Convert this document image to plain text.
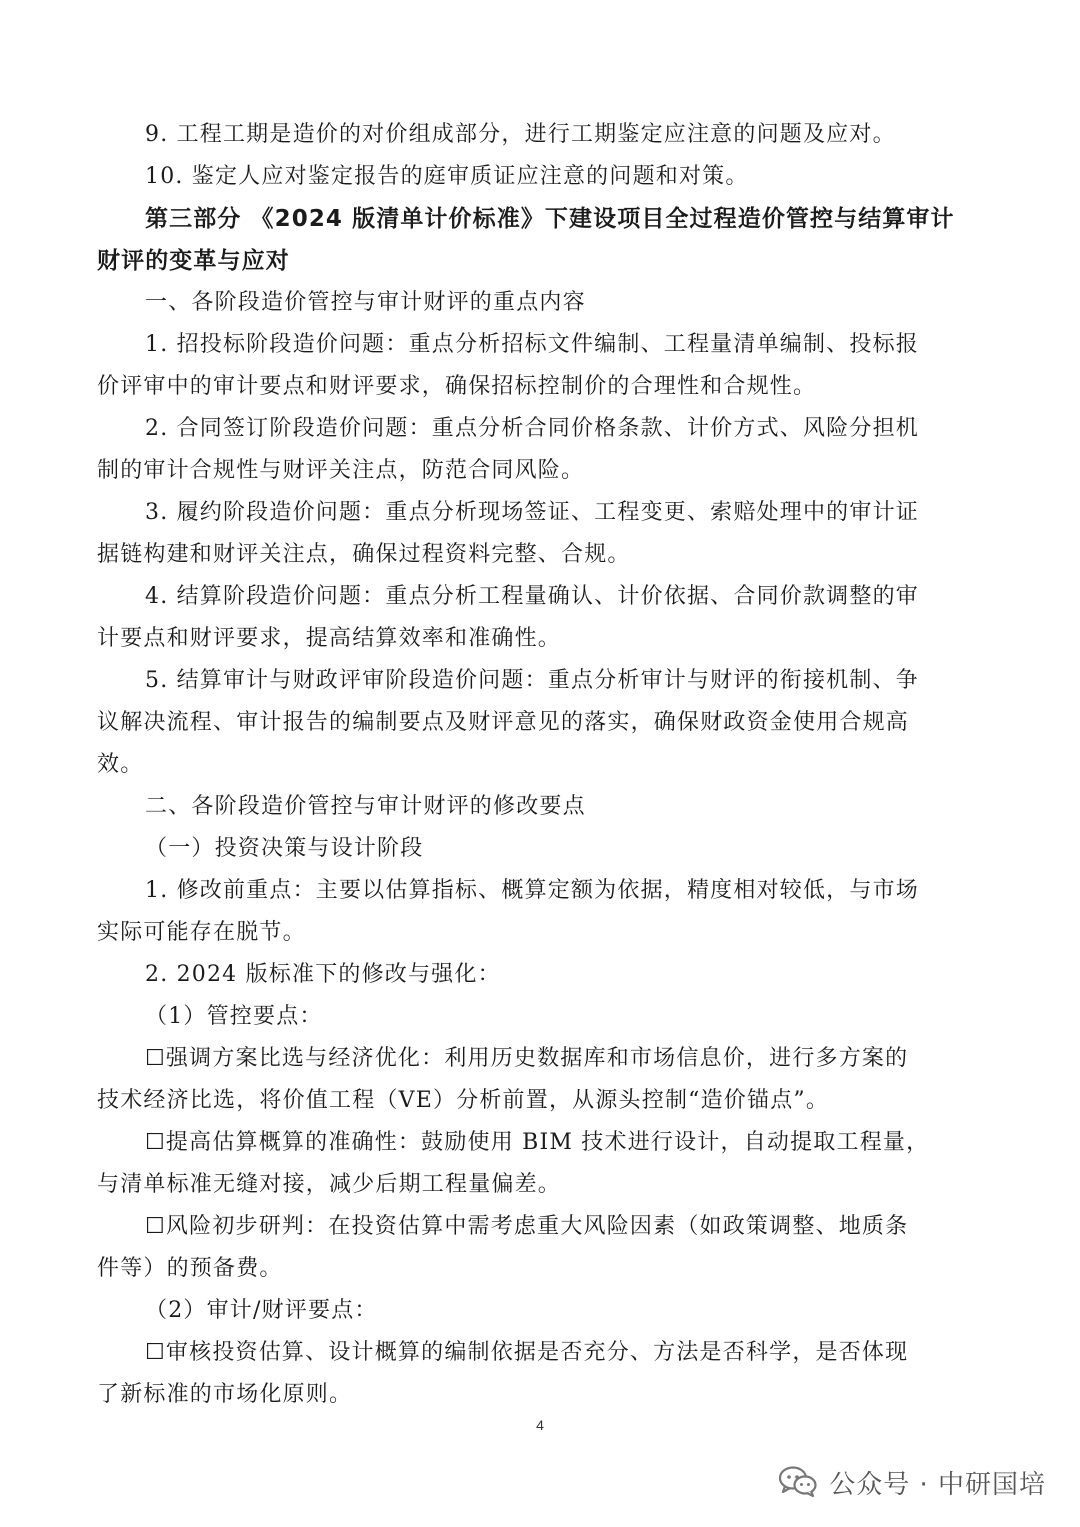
9. 工程工期是造价的对价组成部分，进行工期鉴定应注意的问题及应对。
10. 鉴定人应对鉴定报告的庭审质证应注意的问题和对策。
第三部分 《2024 版清单计价标准》下建设项目全过程造价管控与结算审计
财评的变革与应对
一、各阶段造价管控与审计财评的重点内容
1. 招投标阶段造价问题：重点分析招标文件编制、工程量清单编制、投标报
价评审中的审计要点和财评要求，确保招标控制价的合理性和合规性。
2. 合同签订阶段造价问题：重点分析合同价格条款、计价方式、风险分担机
制的审计合规性与财评关注点，防范合同风险。
3. 履约阶段造价问题：重点分析现场签证、工程变更、索赔处理中的审计证
据链构建和财评关注点，确保过程资料完整、合规。
4. 结算阶段造价问题：重点分析工程量确认、计价依据、合同价款调整的审
计要点和财评要求，提高结算效率和准确性。
5. 结算审计与财政评审阶段造价问题：重点分析审计与财评的衔接机制、争
议解决流程、审计报告的编制要点及财评意见的落实，确保财政资金使用合规高
效。
二、各阶段造价管控与审计财评的修改要点
（一）投资决策与设计阶段
1. 修改前重点：主要以估算指标、概算定额为依据，精度相对较低，与市场
实际可能存在脱节。
2. 2024 版标准下的修改与强化：
（1）管控要点：
☐强调方案比选与经济优化：利用历史数据库和市场信息价，进行多方案的
技术经济比选，将价值工程（VE）分析前置，从源头控制“造价锚点”。
☐提高估算概算的准确性：鼓励使用 BIM 技术进行设计，自动提取工程量，
与清单标准无缝对接，减少后期工程量偏差。
☐风险初步研判：在投资估算中需考虑重大风险因素（如政策调整、地质条
件等）的预备费。
（2）审计/财评要点：
☐审核投资估算、设计概算的编制依据是否充分、方法是否科学，是否体现
了新标准的市场化原则。
4
公众号 · 中研国培
